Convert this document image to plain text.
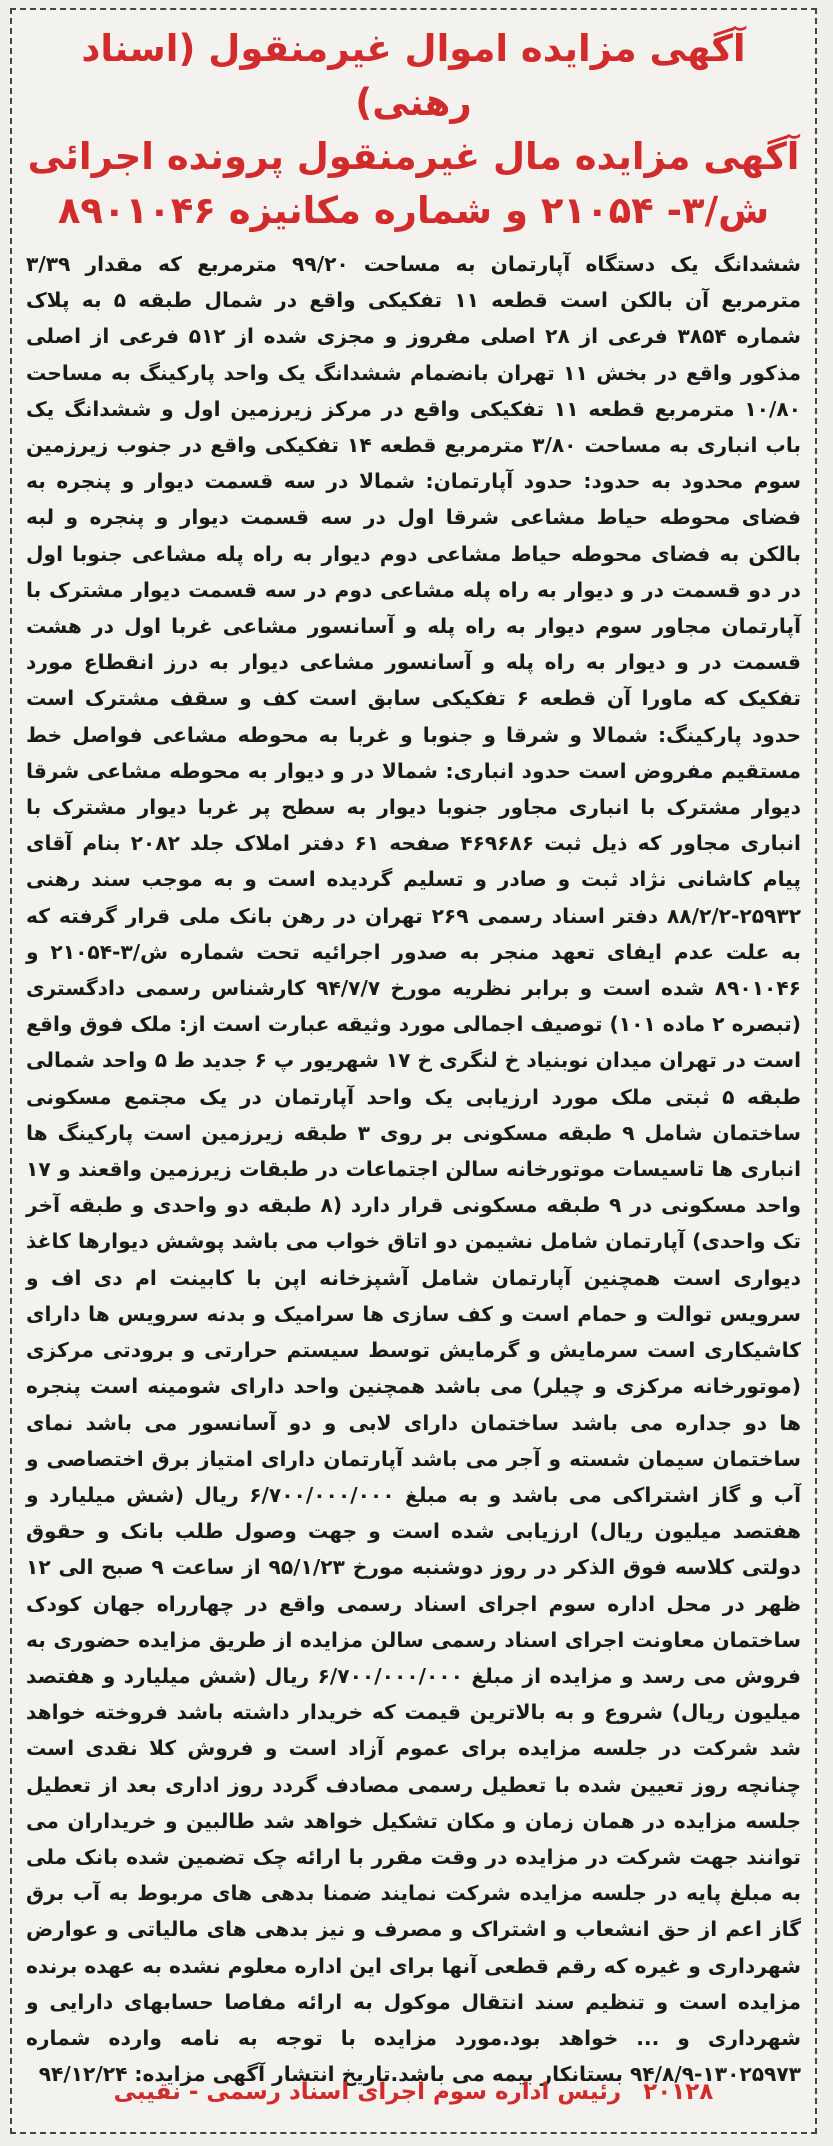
آگهی مزایده اموال غیرمنقول (اسناد رهنی)
آگهی مزایده مال غیرمنقول پرونده اجرائی
ش/۳- ۲۱۰۵۴ و شماره مکانیزه ۸۹۰۱۰۴۶

ششدانگ یک دستگاه آپارتمان به مساحت ۹۹/۲۰ مترمربع که مقدار ۳/۳۹ مترمربع آن بالکن است قطعه ۱۱ تفکیکی واقع در شمال طبقه ۵ به پلاک شماره ۳۸۵۴ فرعی از ۲۸ اصلی مفروز و مجزی شده از ۵۱۲ فرعی از اصلی مذکور واقع در بخش ۱۱ تهران بانضمام ششدانگ یک واحد پارکینگ به مساحت ۱۰/۸۰ مترمربع قطعه ۱۱ تفکیکی واقع در مرکز زیرزمین اول و ششدانگ یک باب انباری به مساحت ۳/۸۰ مترمربع قطعه ۱۴ تفکیکی واقع در جنوب زیرزمین سوم محدود به حدود: حدود آپارتمان: شمالا در سه قسمت دیوار و پنجره به فضای محوطه حیاط مشاعی شرقا اول در سه قسمت دیوار و پنجره و لبه بالکن به فضای محوطه حیاط مشاعی دوم دیوار به راه پله مشاعی جنوبا اول در دو قسمت در و دیوار به راه پله مشاعی دوم در سه قسمت دیوار مشترک با آپارتمان مجاور سوم دیوار به راه پله و آسانسور مشاعی غربا اول در هشت قسمت در و دیوار به راه پله و آسانسور مشاعی دیوار به درز انقطاع مورد تفکیک که ماورا آن قطعه ۶ تفکیکی سابق است کف و سقف مشترک است حدود پارکینگ: شمالا و شرقا و جنوبا و غربا به محوطه مشاعی فواصل خط مستقیم مفروض است حدود انباری: شمالا در و دیوار به محوطه مشاعی شرقا دیوار مشترک با انباری مجاور جنوبا دیوار به سطح پر غربا دیوار مشترک با انباری مجاور که ذیل ثبت ۴۶۹۶۸۶ صفحه ۶۱ دفتر املاک جلد ۲۰۸۲ بنام آقای پیام کاشانی نژاد ثبت و صادر و تسلیم گردیده است و به موجب سند رهنی ۲۵۹۳۲-۸۸/۲/۲ دفتر اسناد رسمی ۲۶۹ تهران در رهن بانک ملی قرار گرفته که به علت عدم ایفای تعهد منجر به صدور اجرائیه تحت شماره ش/۳-۲۱۰۵۴ و ۸۹۰۱۰۴۶ شده است و برابر نظریه مورخ ۹۴/۷/۷ کارشناس رسمی دادگستری (تبصره ۲ ماده ۱۰۱) توصیف اجمالی مورد وثیقه عبارت است از: ملک فوق واقع است در تهران میدان نوبنیاد خ لنگری خ ۱۷ شهریور پ ۶ جدید ط ۵ واحد شمالی طبقه ۵ ثبتی ملک مورد ارزیابی یک واحد آپارتمان در یک مجتمع مسکونی ساختمان شامل ۹ طبقه مسکونی بر روی ۳ طبقه زیرزمین است پارکینگ ها انباری ها تاسیسات موتورخانه سالن اجتماعات در طبقات زیرزمین واقعند و ۱۷ واحد مسکونی در ۹ طبقه مسکونی قرار دارد (۸ طبقه دو واحدی و طبقه آخر تک واحدی) آپارتمان شامل نشیمن دو اتاق خواب می باشد پوشش دیوارها کاغذ دیواری است همچنین آپارتمان شامل آشپزخانه اپن با کابینت ام دی اف و سرویس توالت و حمام است و کف سازی ها سرامیک و بدنه سرویس ها دارای کاشیکاری است سرمایش و گرمایش توسط سیستم حرارتی و برودتی مرکزی (موتورخانه مرکزی و چیلر) می باشد همچنین واحد دارای شومینه است پنجره ها دو جداره می باشد ساختمان دارای لابی و دو آسانسور می باشد نمای ساختمان سیمان شسته و آجر می باشد آپارتمان دارای امتیاز برق اختصاصی و آب و گاز اشتراکی می باشد و به مبلغ ۶/۷۰۰/۰۰۰/۰۰۰ ریال (شش میلیارد و هفتصد میلیون ریال) ارزیابی شده است و جهت وصول طلب بانک و حقوق دولتی کلاسه فوق الذکر در روز دوشنبه مورخ ۹۵/۱/۲۳ از ساعت ۹ صبح الی ۱۲ ظهر در محل اداره سوم اجرای اسناد رسمی واقع در چهارراه جهان کودک ساختمان معاونت اجرای اسناد رسمی سالن مزایده از طریق مزایده حضوری به فروش می رسد و مزایده از مبلغ ۶/۷۰۰/۰۰۰/۰۰۰ ریال (شش میلیارد و هفتصد میلیون ریال) شروع و به بالاترین قیمت که خریدار داشته باشد فروخته خواهد شد شرکت در جلسه مزایده برای عموم آزاد است و فروش کلا نقدی است چنانچه روز تعیین شده با تعطیل رسمی مصادف گردد روز اداری بعد از تعطیل جلسه مزایده در همان زمان و مکان تشکیل خواهد شد طالبین و خریداران می توانند جهت شرکت در مزایده در وقت مقرر با ارائه چک تضمین شده بانک ملی به مبلغ پایه در جلسه مزایده شرکت نمایند ضمنا بدهی های مربوط به آب برق گاز اعم از حق انشعاب و اشتراک و مصرف و نیز بدهی های مالیاتی و عوارض شهرداری و غیره که رقم قطعی آنها برای این اداره معلوم نشده به عهده برنده مزایده است و تنظیم سند انتقال موکول به ارائه مفاصا حسابهای دارایی و شهرداری و ... خواهد بود.مورد مزایده با توجه به نامه وارده شماره ۱۳۰۲۵۹۷۳-۹۴/۸/۹ بستانکار بیمه می باشد.تاریخ انتشار آگهی مزایده: ۹۴/۱۲/۲۴

۲۰۱۲۸ رئیس اداره سوم اجرای اسناد رسمی - نقیبی
